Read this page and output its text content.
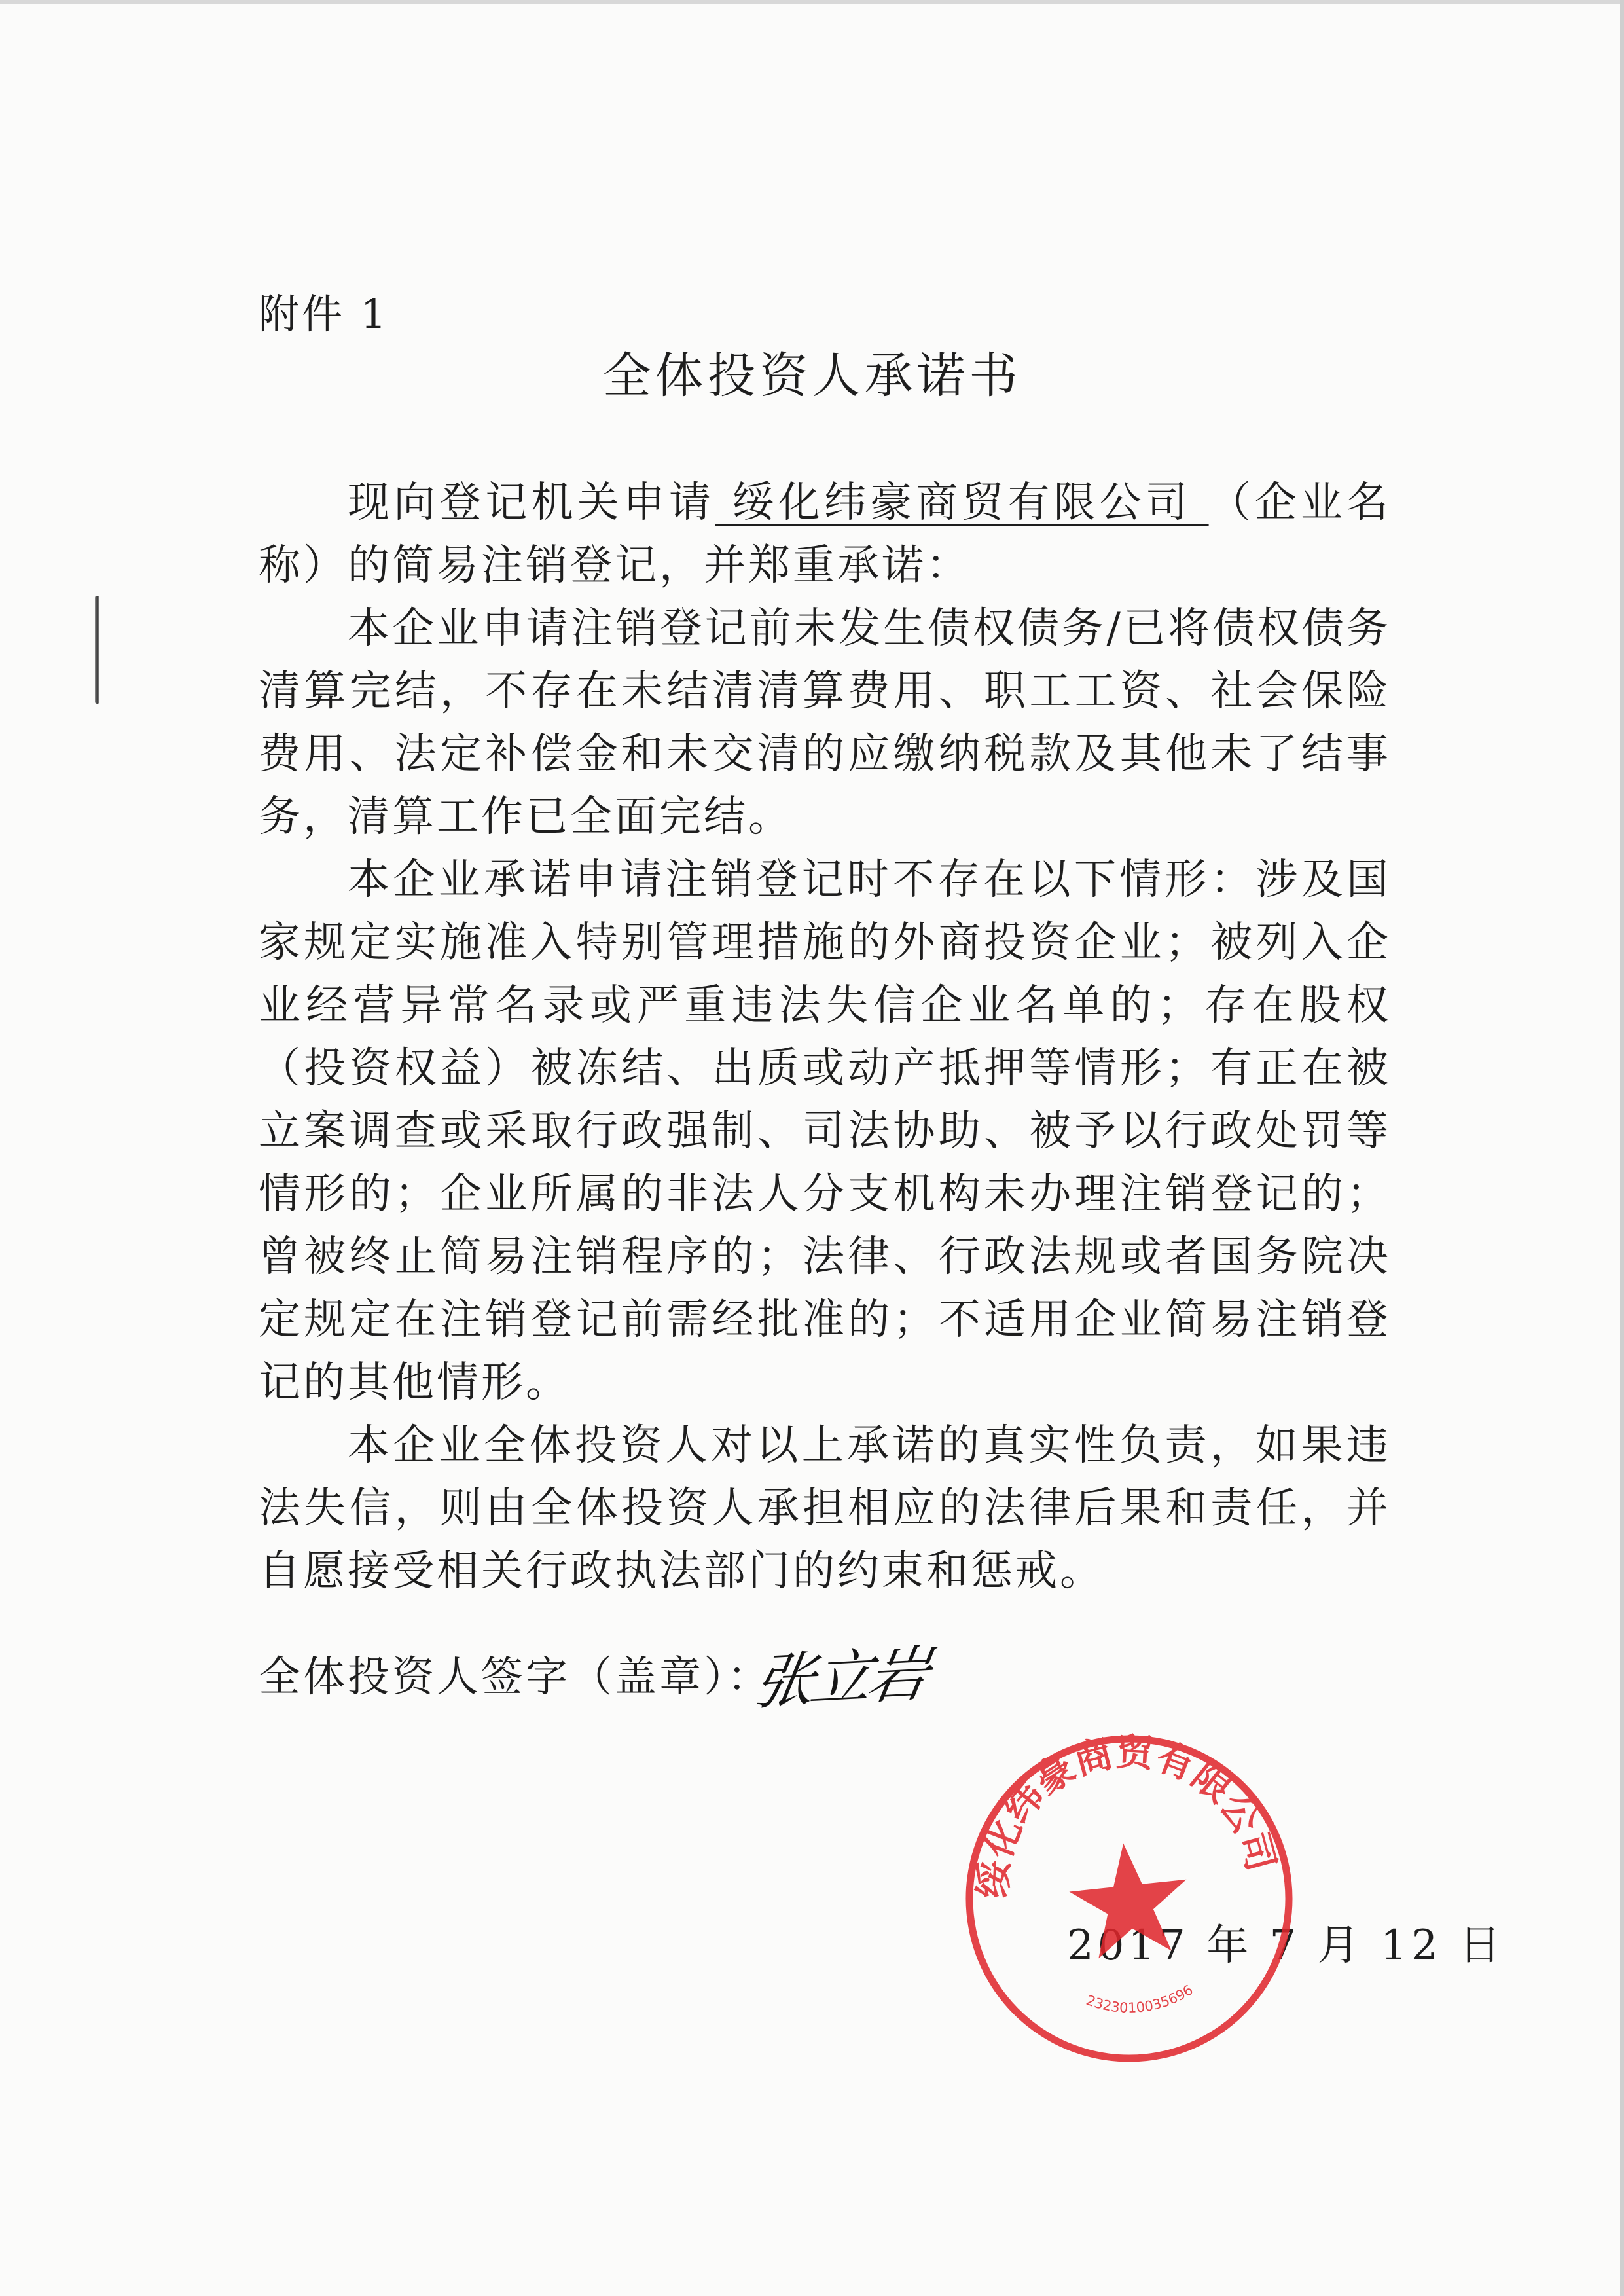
附件 1
全体投资人承诺书

现向登记机关申请 绥化纬豪商贸有限公司 （企业名称）的简易注销登记，并郑重承诺：

本企业申请注销登记前未发生债权债务/已将债权债务清算完结，不存在未结清清算费用、职工工资、社会保险费用、法定补偿金和未交清的应缴纳税款及其他未了结事务，清算工作已全面完结。

本企业承诺申请注销登记时不存在以下情形：涉及国家规定实施准入特别管理措施的外商投资企业；被列入企业经营异常名录或严重违法失信企业名单的；存在股权（投资权益）被冻结、出质或动产抵押等情形；有正在被立案调查或采取行政强制、司法协助、被予以行政处罚等情形的；企业所属的非法人分支机构未办理注销登记的；曾被终止简易注销程序的；法律、行政法规或者国务院决定规定在注销登记前需经批准的；不适用企业简易注销登记的其他情形。

本企业全体投资人对以上承诺的真实性负责，如果违法失信，则由全体投资人承担相应的法律后果和责任，并自愿接受相关行政执法部门的约束和惩戒。

全体投资人签字（盖章）：
张立岩
2017 年 7 月 12 日
绥化纬豪商贸有限公司
2323010035696
